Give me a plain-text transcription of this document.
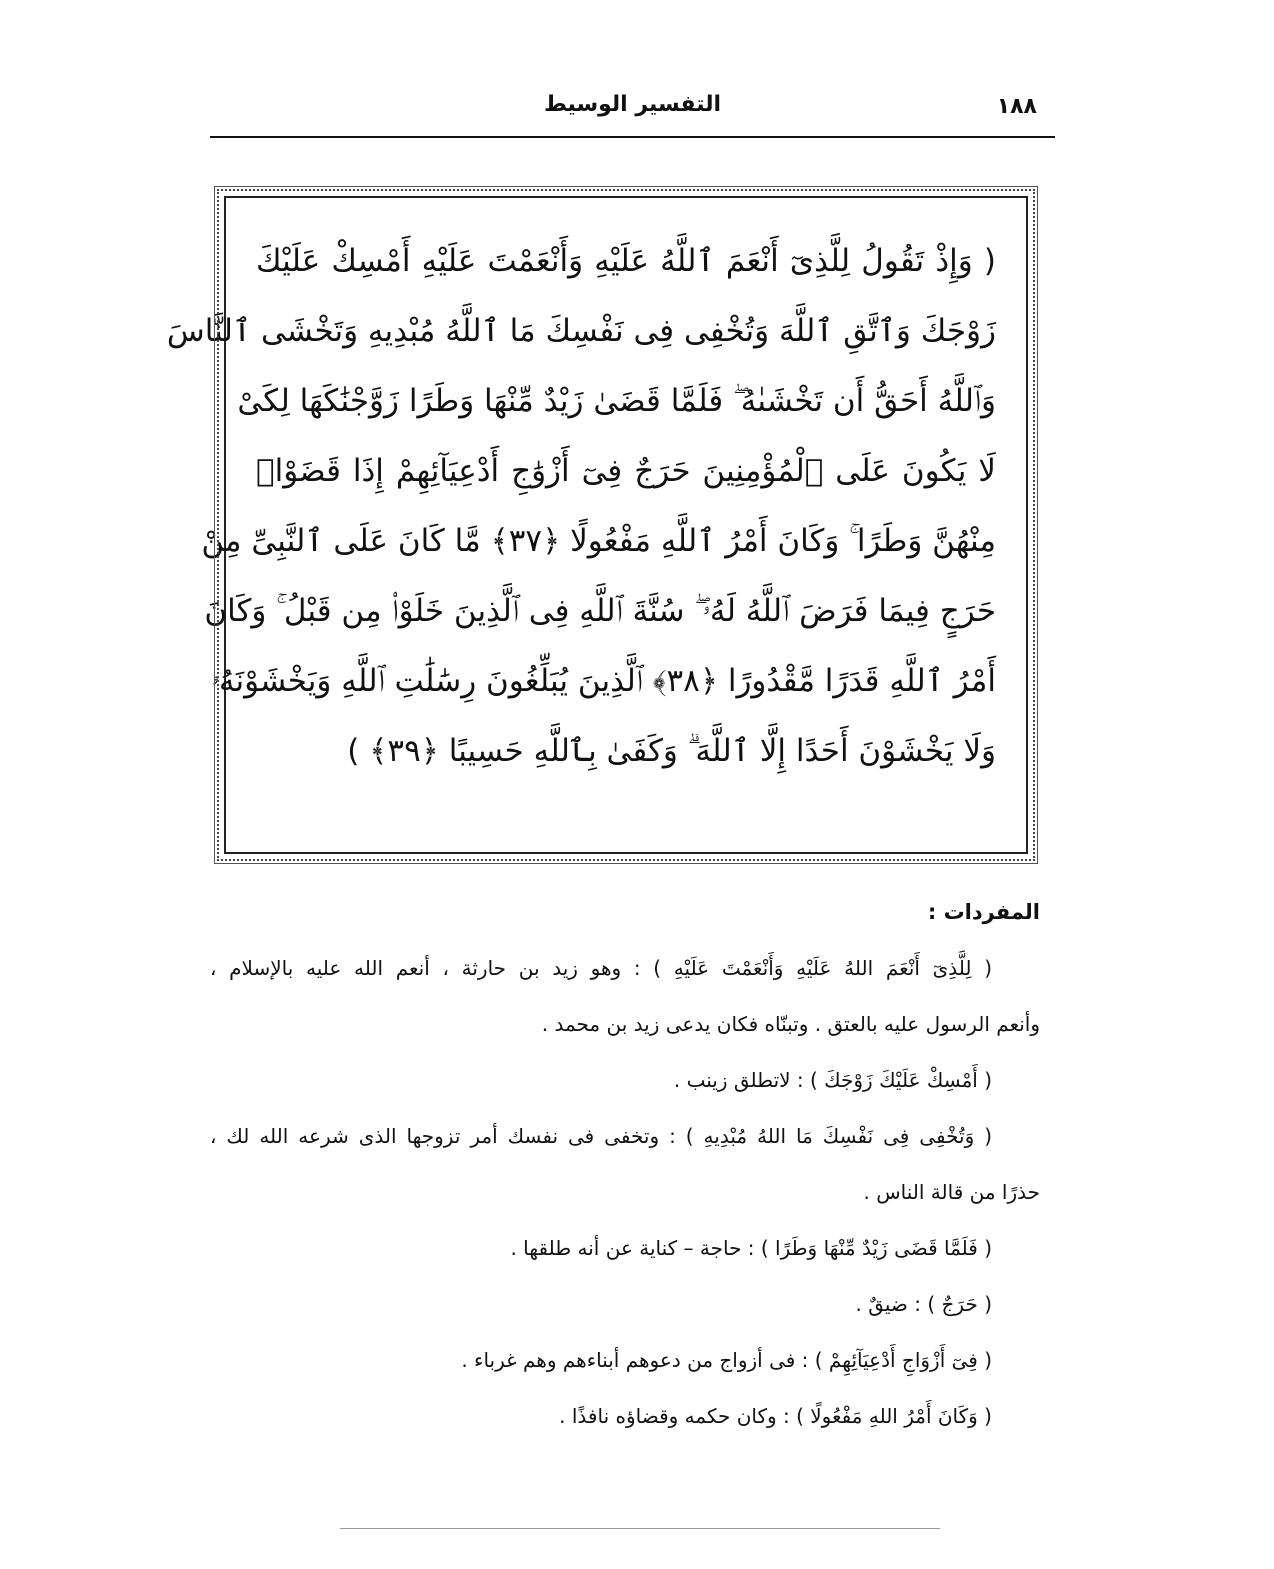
١٨٨
التفسير الوسيط
( وَإِذْ تَقُولُ لِلَّذِىٓ أَنْعَمَ ٱللَّهُ عَلَيْهِ وَأَنْعَمْتَ عَلَيْهِ أَمْسِكْ عَلَيْكَ
زَوْجَكَ وَٱتَّقِ ٱللَّهَ وَتُخْفِى فِى نَفْسِكَ مَا ٱللَّهُ مُبْدِيهِ وَتَخْشَى ٱلنَّاسَ
وَٱللَّهُ أَحَقُّ أَن تَخْشَىٰهُ ۖ فَلَمَّا قَضَىٰ زَيْدٌ مِّنْهَا وَطَرًا زَوَّجْنَٰكَهَا لِكَىْ
لَا يَكُونَ عَلَى ٱلْمُؤْمِنِينَ حَرَجٌ فِىٓ أَزْوَٰجِ أَدْعِيَآئِهِمْ إِذَا قَضَوْا۟
مِنْهُنَّ وَطَرًا ۚ وَكَانَ أَمْرُ ٱللَّهِ مَفْعُولًا ﴿٣٧﴾ مَّا كَانَ عَلَى ٱلنَّبِىِّ مِنْ
حَرَجٍ فِيمَا فَرَضَ ٱللَّهُ لَهُۥ ۖ سُنَّةَ ٱللَّهِ فِى ٱلَّذِينَ خَلَوْا۟ مِن قَبْلُ ۚ وَكَانَ
أَمْرُ ٱللَّهِ قَدَرًا مَّقْدُورًا ﴿٣٨﴾ ٱلَّذِينَ يُبَلِّغُونَ رِسَٰلَٰتِ ٱللَّهِ وَيَخْشَوْنَهُۥ
وَلَا يَخْشَوْنَ أَحَدًا إِلَّا ٱللَّهَ ۗ وَكَفَىٰ بِٱللَّهِ حَسِيبًا ﴿٣٩﴾ )
المفردات :
( لِلَّذِىٓ أَنْعَمَ اللهُ عَلَيْهِ وَأَنْعَمْتَ عَلَيْهِ ) : وهو زيد بن حارثة ، أنعم الله عليه بالإسلام ،
وأنعم الرسول عليه بالعتق . وتبنّاه فكان يدعى زيد بن محمد .
( أَمْسِكْ عَلَيْكَ زَوْجَكَ ) : لاتطلق زينب .
( وَتُخْفِى فِى نَفْسِكَ مَا اللهُ مُبْدِيهِ ) : وتخفى فى نفسك أمر تزوجها الذى شرعه الله لك ،
حذرًا من قالة الناس .
( فَلَمَّا قَضَى زَيْدٌ مِّنْهَا وَطَرًا ) : حاجة – كناية عن أنه طلقها .
( حَرَجٌ ) : ضيقٌ .
( فِىٓ أَزْوَاجِ أَدْعِيَآئِهِمْ ) : فى أزواج من دعوهم أبناءهم وهم غرباء .
( وَكَانَ أَمْرُ اللهِ مَفْعُولًا ) : وكان حكمه وقضاؤه نافذًا .
